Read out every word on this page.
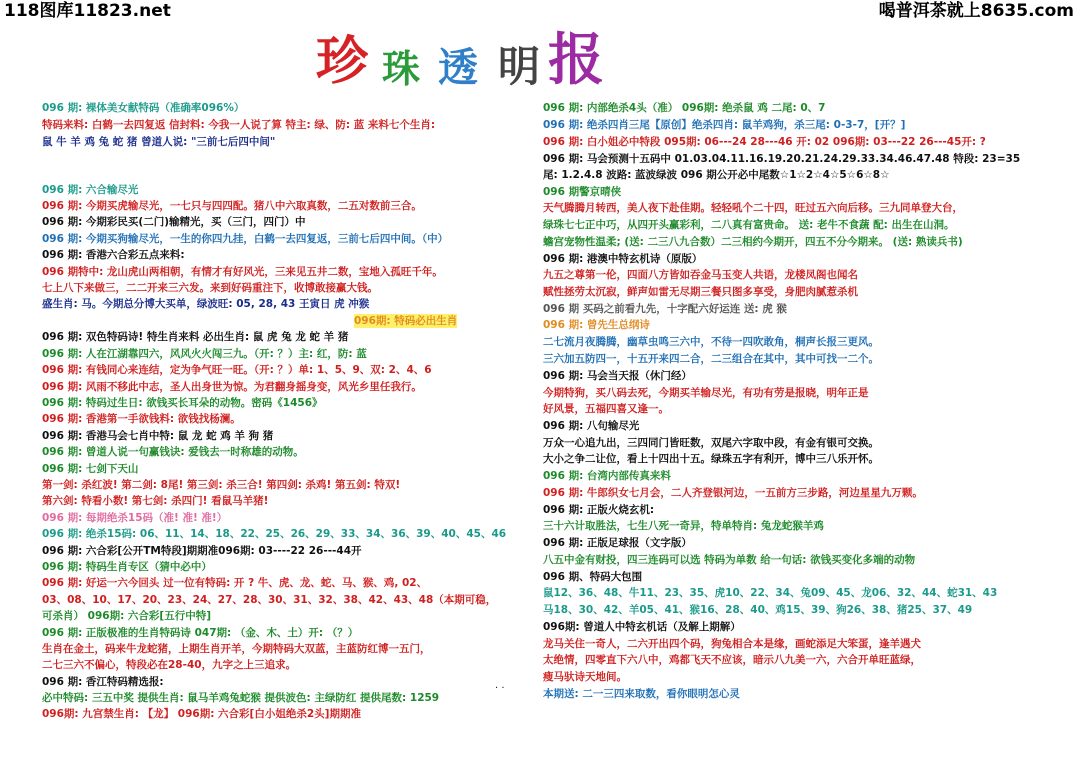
118图库11823.net	喝普洱茶就上8635.com
珍 珠 透 明 报
096 期: 裸体美女献特码（准确率096%）
特码来料: 白鹤一去四复返 信封料: 今我一人说了算 特主: 绿、防: 蓝 来料七个生肖:
鼠 牛 羊 鸡 兔 蛇 猪 曾道人说: "三前七后四中间"
096 期: 六合输尽光
096 期: 今期买虎输尽光，一七只与四四配。猪八中六取真数，二五对数前三合。
096 期: 今期彩民买(二门)输精光，买（三门，四门）中
096 期: 今期买狗输尽光，一生的你四九挂，白鹤一去四复返，三前七后四中间。（中）
096 期: 香港六合彩五点来料:
096 期特中: 龙山虎山两相朝，有情才有好风光，三来见五井二数，宝地入孤旺千年。
七上八下来做三，二二开来三六发。来到好码重注下，收博敢接赢大钱。
盛生肖: 马。今期总分博大买单，绿波旺: 05, 28, 43 王寅日 虎 冲猴
096期: 特码必出生肖
096 期: 双色特码诗! 特生肖来料 必出生肖: 鼠 虎 兔 龙 蛇 羊 猪
096 期: 人在江湖靠四六，风风火火闯三九。（开: ？）主: 红，防: 蓝
096 期: 有钱同心来连结，定为争气旺一旺。（开: ？）单: 1、5、9、双: 2、4、6
096 期: 风雨不移此中志，圣人出身世为惊。为君翻身摇身变，风光乡里任我行。
096 期: 特码过生日: 欲钱买长耳朵的动物。密码《1456》
096 期: 香港第一手欲钱料: 欲钱找杨澜。
096 期: 香港马会七肖中特: 鼠 龙 蛇 鸡 羊 狗 猪
096 期: 曾道人说一句赢钱诀: 爱钱去一时称雄的动物。
096 期: 七剑下天山
第一剑: 杀红波! 第二剑: 8尾! 第三剑: 杀三合! 第四剑: 杀鸡! 第五剑: 特双!
第六剑: 特看小数! 第七剑: 杀四门! 看鼠马羊猪!
096 期: 每期绝杀15码（准! 准! 准!）
096 期: 绝杀15码: 06、11、14、18、22、25、26、29、33、34、36、39、40、45、46
096 期: 六合彩[公开TM特段]期期准096期: 03----22 26---44开
096 期: 特码生肖专区（猜中必中）
096 期: 好运一六今回头 过一位有特码: 开 ? 牛、虎、龙、蛇、马、猴、鸡, 02、
03、08、10、17、20、23、24、27、28、30、31、32、38、42、43、48（本期可稳，
可杀肖） 096期: 六合彩[五行中特]
096 期: 正版极准的生肖特码诗 047期: （金、木、土）开: （？）
生肖在金土，码来牛龙蛇猪，上期生肖开羊，今期特码大双蓝，主蓝防红博一五门，
二七三六不偏心，特段必在28-40，九字之上三追求。
096 期: 香江特码精选报:
必中特码: 三五中奖 提供生肖: 鼠马羊鸡兔蛇猴 提供波色: 主绿防红 提供尾数: 1259
096期: 九宫禁生肖: 【龙】 096期: 六合彩[白小姐绝杀2头]期期准
096 期: 内部绝杀4头（准） 096期: 绝杀鼠 鸡 二尾: 0、7
096 期: 绝杀四肖三尾【原创】绝杀四肖: 鼠羊鸡狗，杀三尾: 0-3-7，[开？]
096 期: 白小姐必中特段 095期: 06---24 28---46 开: 02 096期: 03---22 26---45开: ?
096 期: 马会预测十五码中 01.03.04.11.16.19.20.21.24.29.33.34.46.47.48 特段: 23=35
尾: 1.2.4.8 波路: 蓝波绿波 096 期公开必中尾数☆1☆2☆4☆5☆6☆8☆
096 期警京晴侠
天气腾腾月转西，美人夜下赴佳期。轻轻吼个二十四，旺过五六向后移。三九同单登大台，
绿珠七七正中巧，从四开头赢彩利，二八真有富贵命。 送: 老牛不食蔬 配: 出生在山洞。
蟾宫宠物性温柔; (送: 二三八九合数）二三相约今期开，四五不分今期来。 (送: 熟读兵书)
096 期: 港澳中特玄机诗（原版）
九五之尊第一伦，四面八方皆如吞金马玉变人共语，龙楼凤阁也闻名
赋性拯劳太沉寂，鲜声如雷无尽期三餐只图多享受，身肥肉腻惹杀机
096 期 买码之前看九先，十字配六好运连 送: 虎 猴
096 期: 曾先生总纲诗
二七流月夜腾腾，幽草虫鸣三六中，不待一四吹敢角，桐声长报三更风。
三六加五防四一，十五开来四二合，二三组合在其中，其中可找一二个。
096 期: 马会当天报（休门经）
今期特狗，买八码去死，今期买羊输尽光，有功有劳是报晓，明年正是
好风景，五福四喜又逢一。
096 期: 八句输尽光
万众一心追九出，三四同门皆旺数，双尾六字取中段，有金有银可交换。
大小之争二让位，看上十四出十五。绿珠五字有利开，博中三八乐开怀。
096 期: 台湾内部传真来料
096 期: 牛郎织女七月会，二人齐登银河边，一五前方三步路，河边星星九万颗。
096 期: 正版火烧玄机:
三十六计取胜法，七生八死一奇异，特单特肖: 兔龙蛇猴羊鸡
096 期: 正版足球报（文字版）
八五中金有财投，四三连码可以选 特码为单数 给一句话: 欲钱买变化多端的动物
096 期、特码大包围
鼠12、36、48、牛11、23、35、虎10、22、34、兔09、45、龙06、32、44、蛇31、43
马18、30、42、羊05、41、猴16、28、40、鸡15、39、狗26、38、猪25、37、49
096期: 曾道人中特玄机话（及解上期解）
龙马关住一奇人，二六开出四个码，狗兔相合本是缘，画蛇添足大笨蛋，逢羊遇犬
太绝情，四零直下六八中，鸡都飞天不应该，暗示八九美一六，六合开单旺蓝绿，
瘦马驮诗天地间。
本期送: 二一三四来取数，看你眼明怎心灵
· ·
